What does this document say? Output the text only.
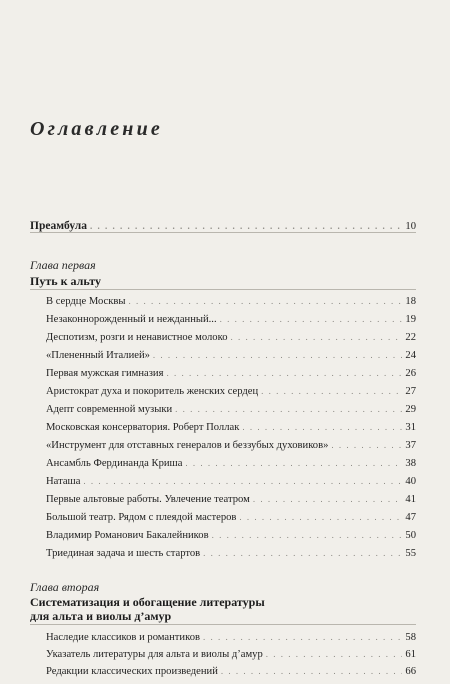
Оглавление
Преамбула . . .	10
Глава первая
Путь к альту
В сердце Москвы . . .	18
Незаконнорожденный и нежданный... . . .	19
Деспотизм, розги и ненавистное молоко . . .	22
«Плененный Италией» . . .	24
Первая мужская гимназия . . .	26
Аристократ духа и покоритель женских сердец . . .	27
Адепт современной музыки . . .	29
Московская консерватория. Роберт Поллак . . .	31
«Инструмент для отставных генералов и беззубых духовиков» . . .	37
Ансамбль Фердинанда Криша . . .	38
Наташа . . .	40
Первые альтовые работы. Увлечение театром . . .	41
Большой театр. Рядом с плеядой мастеров . . .	47
Владимир Романович Бакалейников . . .	50
Триединая задача и шесть стартов . . .	55
Глава вторая
Систематизация и обогащение литературы
для альта и виолы д’амур
Наследие классиков и романтиков . . .	58
Указатель литературы для альта и виолы д’амур . . .	61
Редакции классических произведений . . .	66
